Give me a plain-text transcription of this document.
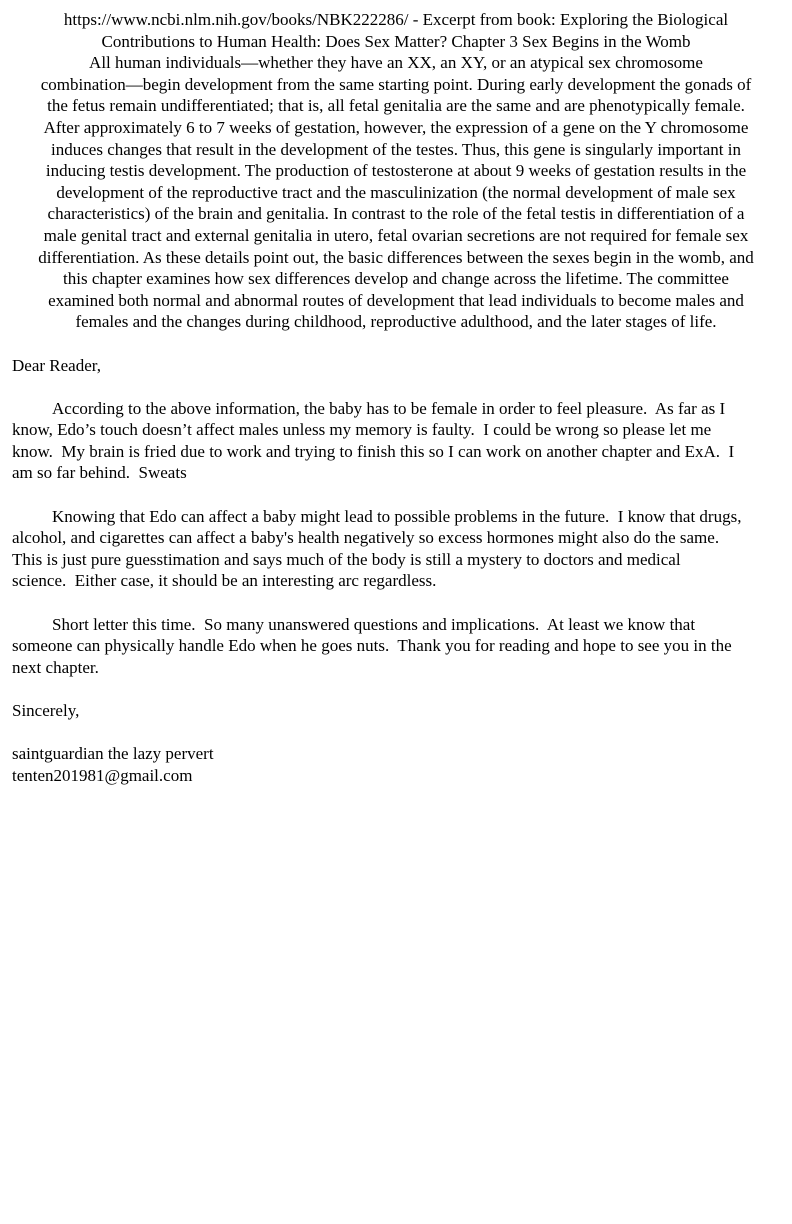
https://www.ncbi.nlm.nih.gov/books/NBK222286/ - Excerpt from book: Exploring the Biological
Contributions to Human Health: Does Sex Matter? Chapter 3 Sex Begins in the Womb
All human individuals—whether they have an XX, an XY, or an atypical sex chromosome
combination—begin development from the same starting point. During early development the gonads of
the fetus remain undifferentiated; that is, all fetal genitalia are the same and are phenotypically female.
After approximately 6 to 7 weeks of gestation, however, the expression of a gene on the Y chromosome
induces changes that result in the development of the testes. Thus, this gene is singularly important in
inducing testis development. The production of testosterone at about 9 weeks of gestation results in the
development of the reproductive tract and the masculinization (the normal development of male sex
characteristics) of the brain and genitalia. In contrast to the role of the fetal testis in differentiation of a
male genital tract and external genitalia in utero, fetal ovarian secretions are not required for female sex
differentiation. As these details point out, the basic differences between the sexes begin in the womb, and
this chapter examines how sex differences develop and change across the lifetime. The committee
examined both normal and abnormal routes of development that lead individuals to become males and
females and the changes during childhood, reproductive adulthood, and the later stages of life.
Dear Reader,
According to the above information, the baby has to be female in order to feel pleasure.  As far as I
know, Edo’s touch doesn’t affect males unless my memory is faulty.  I could be wrong so please let me
know.  My brain is fried due to work and trying to finish this so I can work on another chapter and ExA.  I
am so far behind.  Sweats
Knowing that Edo can affect a baby might lead to possible problems in the future.  I know that drugs,
alcohol, and cigarettes can affect a baby's health negatively so excess hormones might also do the same.
This is just pure guesstimation and says much of the body is still a mystery to doctors and medical
science.  Either case, it should be an interesting arc regardless.
Short letter this time.  So many unanswered questions and implications.  At least we know that
someone can physically handle Edo when he goes nuts.  Thank you for reading and hope to see you in the
next chapter.
Sincerely,
saintguardian the lazy pervert
tenten201981@gmail.com
